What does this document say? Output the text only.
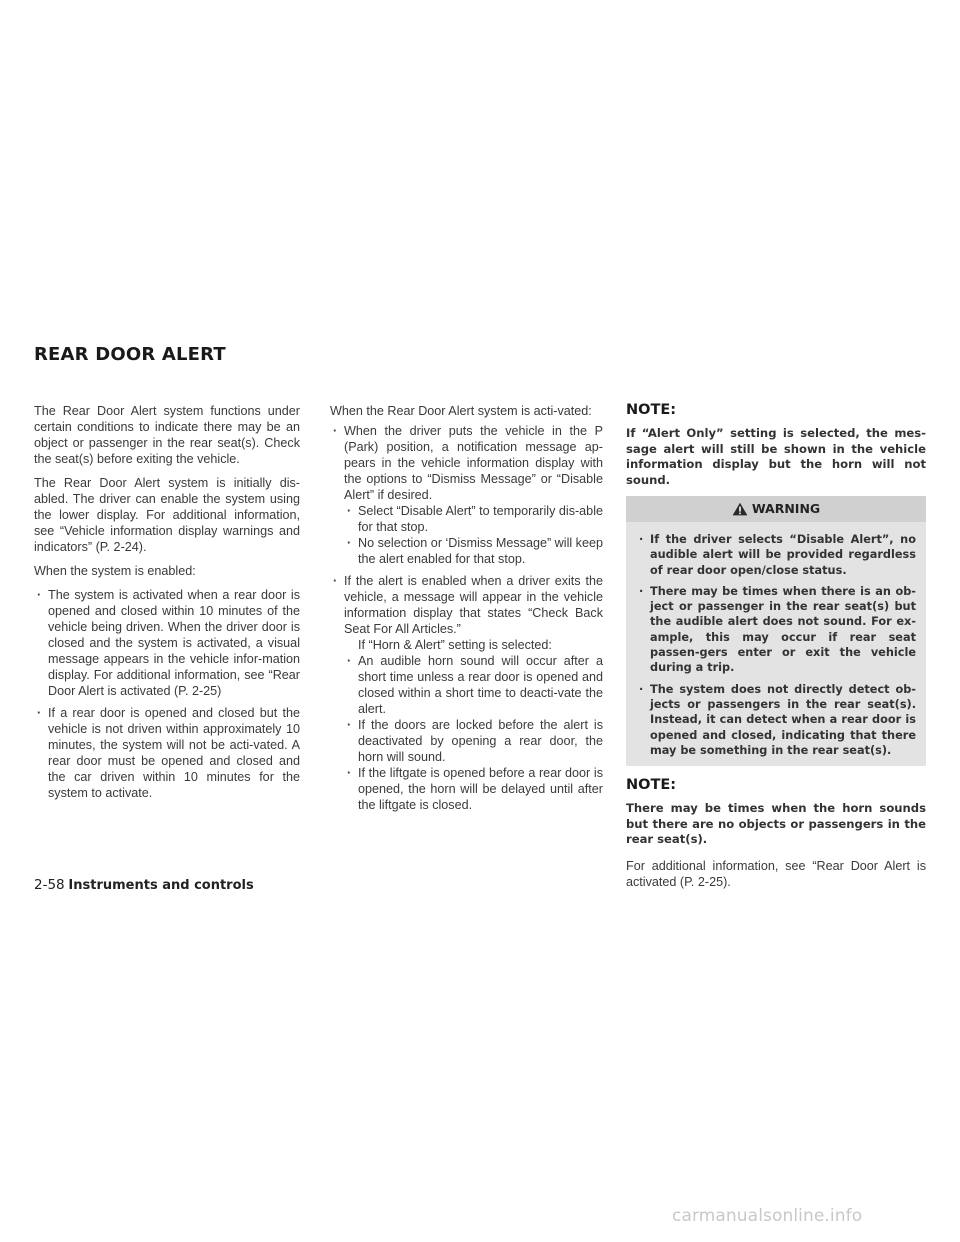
REAR DOOR ALERT

The Rear Door Alert system functions under certain conditions to indicate there may be an object or passenger in the rear seat(s). Check the seat(s) before exiting the vehicle.

The Rear Door Alert system is initially dis-abled. The driver can enable the system using the lower display. For additional information, see “Vehicle information display warnings and indicators” (P. 2-24).

When the system is enabled:

· The system is activated when a rear door is opened and closed within 10 minutes of the vehicle being driven. When the driver door is closed and the system is activated, a visual message appears in the vehicle infor-mation display. For additional information, see “Rear Door Alert is activated (P. 2-25)
· If a rear door is opened and closed but the vehicle is not driven within approximately 10 minutes, the system will not be acti-vated. A rear door must be opened and closed and the car driven within 10 minutes for the system to activate.

When the Rear Door Alert system is acti-vated:

· When the driver puts the vehicle in the P (Park) position, a notification message ap-pears in the vehicle information display with the options to “Dismiss Message” or “Disable Alert” if desired.
· Select “Disable Alert” to temporarily dis-able for that stop.
· No selection or ‘Dismiss Message” will keep the alert enabled for that stop.
· If the alert is enabled when a driver exits the vehicle, a message will appear in the vehicle information display that states “Check Back Seat For All Articles.”
If “Horn & Alert” setting is selected:
· An audible horn sound will occur after a short time unless a rear door is opened and closed within a short time to deacti-vate the alert.
· If the doors are locked before the alert is deactivated by opening a rear door, the horn will sound.
· If the liftgate is opened before a rear door is opened, the horn will be delayed until after the liftgate is closed.
NOTE:

If “Alert Only” setting is selected, the mes-sage alert will still be shown in the vehicle information display but the horn will not sound.

WARNING
· If the driver selects “Disable Alert”, no audible alert will be provided regardless of rear door open/close status.
· There may be times when there is an ob-ject or passenger in the rear seat(s) but the audible alert does not sound. For ex-ample, this may occur if rear seat passen-gers enter or exit the vehicle during a trip.
· The system does not directly detect ob-jects or passengers in the rear seat(s). Instead, it can detect when a rear door is opened and closed, indicating that there may be something in the rear seat(s).
NOTE:

There may be times when the horn sounds but there are no objects or passengers in the rear seat(s).

For additional information, see “Rear Door Alert is activated (P. 2-25).

2-58 Instruments and controls
carmanualsonline.info
